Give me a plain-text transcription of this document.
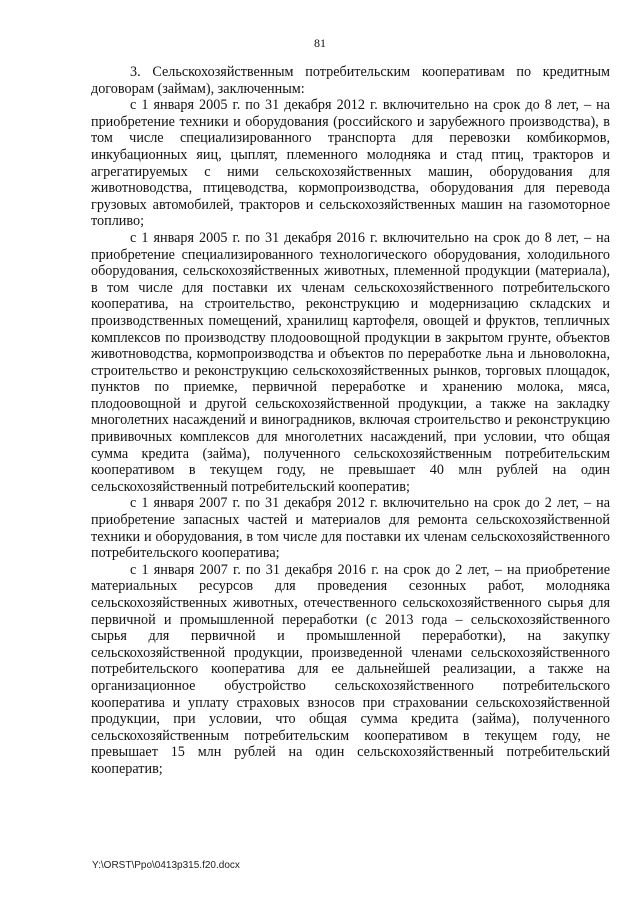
81

3. Сельскохозяйственным потребительским кооперативам по кредитным договорам (займам), заключенным:

с 1 января 2005 г. по 31 декабря 2012 г. включительно на срок до 8 лет, – на приобретение техники и оборудования (российского и зарубежного производства), в том числе специализированного транспорта для перевозки комбикормов, инкубационных яиц, цыплят, племенного молодняка и стад птиц, тракторов и агрегатируемых с ними сельскохозяйственных машин, оборудования для животноводства, птицеводства, кормопроизводства, оборудования для перевода грузовых автомобилей, тракторов и сельскохозяйственных машин на газомоторное топливо;

с 1 января 2005 г. по 31 декабря 2016 г. включительно на срок до 8 лет, – на приобретение специализированного технологического оборудования, холодильного оборудования, сельскохозяйственных животных, племенной продукции (материала), в том числе для поставки их членам сельскохозяйственного потребительского кооператива, на строительство, реконструкцию и модернизацию складских и производственных помещений, хранилищ картофеля, овощей и фруктов, тепличных комплексов по производству плодоовощной продукции в закрытом грунте, объектов животноводства, кормопроизводства и объектов по переработке льна и льноволокна, строительство и реконструкцию сельскохозяйственных рынков, торговых площадок, пунктов по приемке, первичной переработке и хранению молока, мяса, плодоовощной и другой сельскохозяйственной продукции, а также на закладку многолетних насаждений и виноградников, включая строительство и реконструкцию прививочных комплексов для многолетних насаждений, при условии, что общая сумма кредита (займа), полученного сельскохозяйственным потребительским кооперативом в текущем году, не превышает 40 млн рублей на один сельскохозяйственный потребительский кооператив;

с 1 января 2007 г. по 31 декабря 2012 г. включительно на срок до 2 лет, – на приобретение запасных частей и материалов для ремонта сельскохозяйственной техники и оборудования, в том числе для поставки их членам сельскохозяйственного потребительского кооператива;

с 1 января 2007 г. по 31 декабря 2016 г. на срок до 2 лет, – на приобретение материальных ресурсов для проведения сезонных работ, молодняка сельскохозяйственных животных, отечественного сельскохозяйственного сырья для первичной и промышленной переработки (с 2013 года – сельскохозяйственного сырья для первичной и промышленной переработки), на закупку сельскохозяйственной продукции, произведенной членами сельскохозяйственного потребительского кооператива для ее дальнейшей реализации, а также на организационное обустройство сельскохозяйственного потребительского кооператива и уплату страховых взносов при страховании сельскохозяйственной продукции, при условии, что общая сумма кредита (займа), полученного сельскохозяйственным потребительским кооперативом в текущем году, не превышает 15 млн рублей на один сельскохозяйственный потребительский кооператив;

Y:\ORST\Ppo\0413p315.f20.docx
